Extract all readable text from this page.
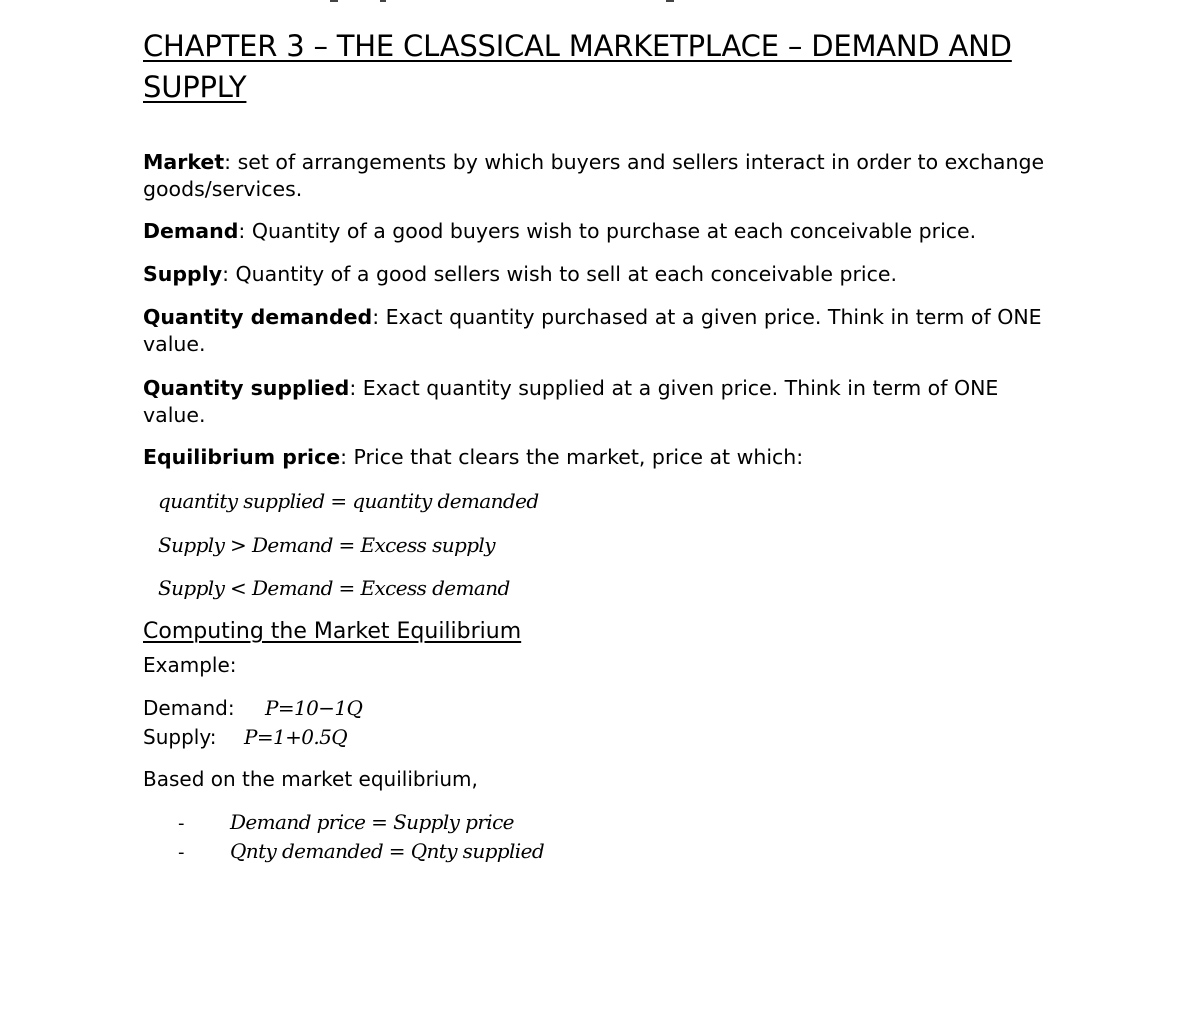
CHAPTER 3 – THE CLASSICAL MARKETPLACE – DEMAND AND SUPPLY

Market: set of arrangements by which buyers and sellers interact in order to exchange goods/services.

Demand: Quantity of a good buyers wish to purchase at each conceivable price.

Supply: Quantity of a good sellers wish to sell at each conceivable price.

Quantity demanded: Exact quantity purchased at a given price. Think in term of ONE value.

Quantity supplied: Exact quantity supplied at a given price. Think in term of ONE value.

Equilibrium price: Price that clears the market, price at which:

quantity supplied = quantity demanded
Supply > Demand = Excess supply
Supply < Demand = Excess demand
Computing the Market Equilibrium
Example:
Demand: P=10−1Q
Supply: P=1+0.5Q
Based on the market equilibrium,
- Demand price = Supply price
- Qnty demanded = Qnty supplied
